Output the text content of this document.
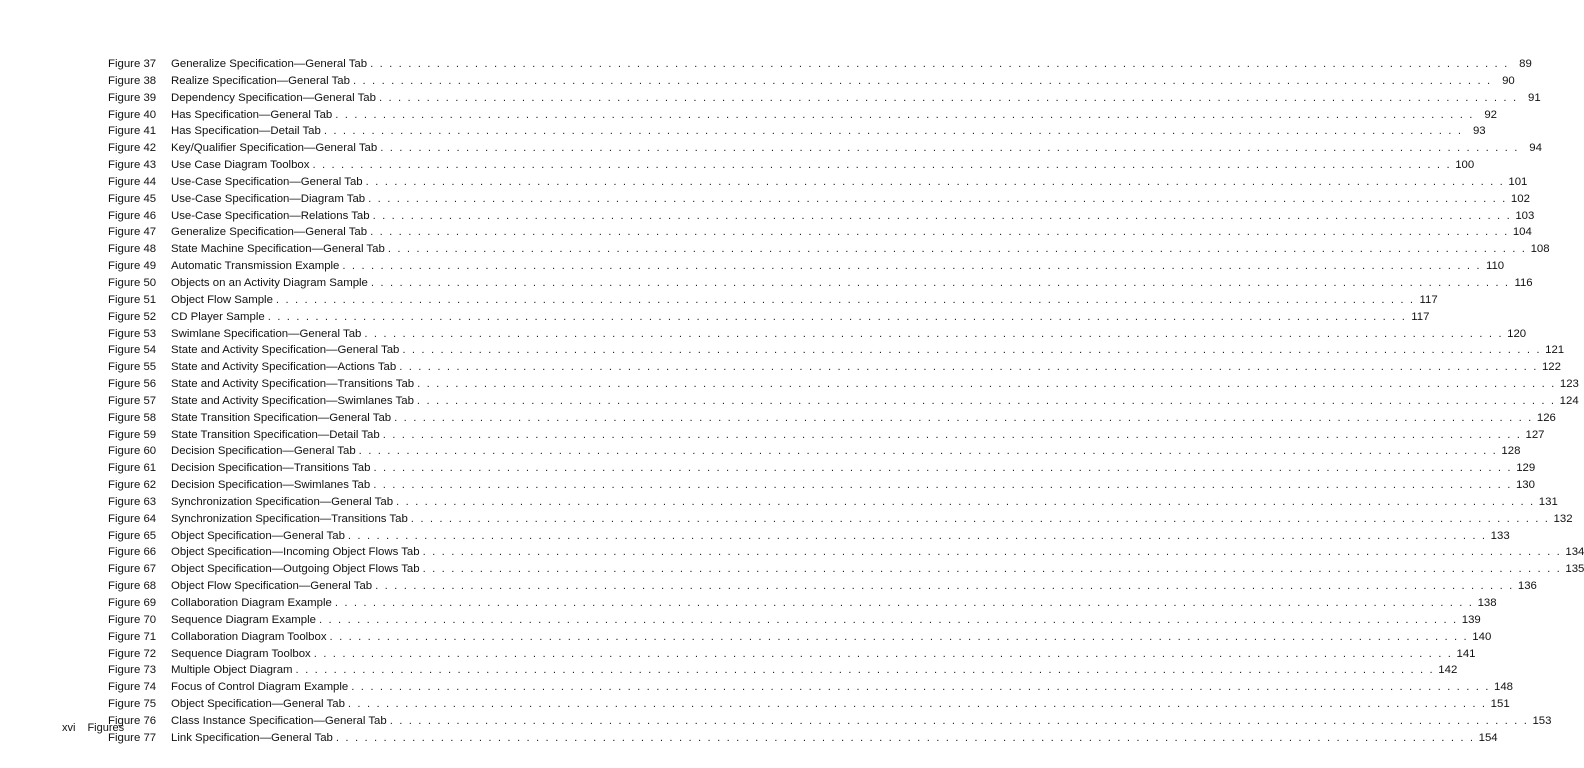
Figure 37	Generalize Specification—General Tab . . . . . . . . . . . . . . . . . . . . . . . . . . . . . . . . . . . . . . . . . . . . . . . . . . . . . . . . . . . . . . . . . . . . . . . . . . . . . . . . . . . . . . . . . . . . . . . . . . . . . . . . . . . . . . . . . . . . . . . . 89
Figure 38	Realize Specification—General Tab . . . . . . . . . . . . . . . . . . . . . . . . . . . . . . . . . . . . . . . . . . . . . . . . . . . . . . . . . . . . . . . . . . . . . . . . . . . . . . . . . . . . . . . . . . . . . . . . . . . . . . . . . . . . . . . . . . . . . . . . 90
Figure 39	Dependency Specification—General Tab . . . . . . . . . . . . . . . . . . . . . . . . . . . . . . . . . . . . . . . . . . . . . . . . . . . . . . . . . . . . . . . . . . . . . . . . . . . . . . . . . . . . . . . . . . . . . . . . . . . . . . . . . . . . . . . . . . . . . . . . 91
Figure 40	Has Specification—General Tab . . . . . . . . . . . . . . . . . . . . . . . . . . . . . . . . . . . . . . . . . . . . . . . . . . . . . . . . . . . . . . . . . . . . . . . . . . . . . . . . . . . . . . . . . . . . . . . . . . . . . . . . . . . . . . . . . . . . . . . . 92
Figure 41	Has Specification—Detail Tab . . . . . . . . . . . . . . . . . . . . . . . . . . . . . . . . . . . . . . . . . . . . . . . . . . . . . . . . . . . . . . . . . . . . . . . . . . . . . . . . . . . . . . . . . . . . . . . . . . . . . . . . . . . . . . . . . . . . . . . . 93
Figure 42	Key/Qualifier Specification—General Tab . . . . . . . . . . . . . . . . . . . . . . . . . . . . . . . . . . . . . . . . . . . . . . . . . . . . . . . . . . . . . . . . . . . . . . . . . . . . . . . . . . . . . . . . . . . . . . . . . . . . . . . . . . . . . . . . . . . . . . . . 94
Figure 43	Use Case Diagram Toolbox . . . . . . . . . . . . . . . . . . . . . . . . . . . . . . . . . . . . . . . . . . . . . . . . . . . . . . . . . . . . . . . . . . . . . . . . . . . . . . . . . . . . . . . . . . . . . . . . . . . . . . . . . . . . . . . . . . . . . . . . 100
Figure 44	Use-Case Specification—General Tab . . . . . . . . . . . . . . . . . . . . . . . . . . . . . . . . . . . . . . . . . . . . . . . . . . . . . . . . . . . . . . . . . . . . . . . . . . . . . . . . . . . . . . . . . . . . . . . . . . . . . . . . . . . . . . . . . . . . . . . . 101
Figure 45	Use-Case Specification—Diagram Tab . . . . . . . . . . . . . . . . . . . . . . . . . . . . . . . . . . . . . . . . . . . . . . . . . . . . . . . . . . . . . . . . . . . . . . . . . . . . . . . . . . . . . . . . . . . . . . . . . . . . . . . . . . . . . . . . . . . . . . . . 102
Figure 46	Use-Case Specification—Relations Tab . . . . . . . . . . . . . . . . . . . . . . . . . . . . . . . . . . . . . . . . . . . . . . . . . . . . . . . . . . . . . . . . . . . . . . . . . . . . . . . . . . . . . . . . . . . . . . . . . . . . . . . . . . . . . . . . . . . . . . . . 103
Figure 47	Generalize Specification—General Tab . . . . . . . . . . . . . . . . . . . . . . . . . . . . . . . . . . . . . . . . . . . . . . . . . . . . . . . . . . . . . . . . . . . . . . . . . . . . . . . . . . . . . . . . . . . . . . . . . . . . . . . . . . . . . . . . . . . . . . . . 104
Figure 48	State Machine Specification—General Tab . . . . . . . . . . . . . . . . . . . . . . . . . . . . . . . . . . . . . . . . . . . . . . . . . . . . . . . . . . . . . . . . . . . . . . . . . . . . . . . . . . . . . . . . . . . . . . . . . . . . . . . . . . . . . . . . . . . . . . . . 108
Figure 49	Automatic Transmission Example . . . . . . . . . . . . . . . . . . . . . . . . . . . . . . . . . . . . . . . . . . . . . . . . . . . . . . . . . . . . . . . . . . . . . . . . . . . . . . . . . . . . . . . . . . . . . . . . . . . . . . . . . . . . . . . . . . . . . . . . 110
Figure 50	Objects on an Activity Diagram Sample . . . . . . . . . . . . . . . . . . . . . . . . . . . . . . . . . . . . . . . . . . . . . . . . . . . . . . . . . . . . . . . . . . . . . . . . . . . . . . . . . . . . . . . . . . . . . . . . . . . . . . . . . . . . . . . . . . . . . . . . 116
Figure 51	Object Flow Sample . . . . . . . . . . . . . . . . . . . . . . . . . . . . . . . . . . . . . . . . . . . . . . . . . . . . . . . . . . . . . . . . . . . . . . . . . . . . . . . . . . . . . . . . . . . . . . . . . . . . . . . . . . . . . . . . . . . . . . . . 117
Figure 52	CD Player Sample . . . . . . . . . . . . . . . . . . . . . . . . . . . . . . . . . . . . . . . . . . . . . . . . . . . . . . . . . . . . . . . . . . . . . . . . . . . . . . . . . . . . . . . . . . . . . . . . . . . . . . . . . . . . . . . . . . . . . . . . 117
Figure 53	Swimlane Specification—General Tab . . . . . . . . . . . . . . . . . . . . . . . . . . . . . . . . . . . . . . . . . . . . . . . . . . . . . . . . . . . . . . . . . . . . . . . . . . . . . . . . . . . . . . . . . . . . . . . . . . . . . . . . . . . . . . . . . . . . . . . . 120
Figure 54	State and Activity Specification—General Tab . . . . . . . . . . . . . . . . . . . . . . . . . . . . . . . . . . . . . . . . . . . . . . . . . . . . . . . . . . . . . . . . . . . . . . . . . . . . . . . . . . . . . . . . . . . . . . . . . . . . . . . . . . . . . . . . . . . . . . . . 121
Figure 55	State and Activity Specification—Actions Tab . . . . . . . . . . . . . . . . . . . . . . . . . . . . . . . . . . . . . . . . . . . . . . . . . . . . . . . . . . . . . . . . . . . . . . . . . . . . . . . . . . . . . . . . . . . . . . . . . . . . . . . . . . . . . . . . . . . . . . . . 122
Figure 56	State and Activity Specification—Transitions Tab . . . . . . . . . . . . . . . . . . . . . . . . . . . . . . . . . . . . . . . . . . . . . . . . . . . . . . . . . . . . . . . . . . . . . . . . . . . . . . . . . . . . . . . . . . . . . . . . . . . . . . . . . . . . . . . . . . . . . . . . 123
Figure 57	State and Activity Specification—Swimlanes Tab . . . . . . . . . . . . . . . . . . . . . . . . . . . . . . . . . . . . . . . . . . . . . . . . . . . . . . . . . . . . . . . . . . . . . . . . . . . . . . . . . . . . . . . . . . . . . . . . . . . . . . . . . . . . . . . . . . . . . . . . 124
Figure 58	State Transition Specification—General Tab . . . . . . . . . . . . . . . . . . . . . . . . . . . . . . . . . . . . . . . . . . . . . . . . . . . . . . . . . . . . . . . . . . . . . . . . . . . . . . . . . . . . . . . . . . . . . . . . . . . . . . . . . . . . . . . . . . . . . . . . 126
Figure 59	State Transition Specification—Detail Tab . . . . . . . . . . . . . . . . . . . . . . . . . . . . . . . . . . . . . . . . . . . . . . . . . . . . . . . . . . . . . . . . . . . . . . . . . . . . . . . . . . . . . . . . . . . . . . . . . . . . . . . . . . . . . . . . . . . . . . . . 127
Figure 60	Decision Specification—General Tab . . . . . . . . . . . . . . . . . . . . . . . . . . . . . . . . . . . . . . . . . . . . . . . . . . . . . . . . . . . . . . . . . . . . . . . . . . . . . . . . . . . . . . . . . . . . . . . . . . . . . . . . . . . . . . . . . . . . . . . . 128
Figure 61	Decision Specification—Transitions Tab . . . . . . . . . . . . . . . . . . . . . . . . . . . . . . . . . . . . . . . . . . . . . . . . . . . . . . . . . . . . . . . . . . . . . . . . . . . . . . . . . . . . . . . . . . . . . . . . . . . . . . . . . . . . . . . . . . . . . . . . 129
Figure 62	Decision Specification—Swimlanes Tab . . . . . . . . . . . . . . . . . . . . . . . . . . . . . . . . . . . . . . . . . . . . . . . . . . . . . . . . . . . . . . . . . . . . . . . . . . . . . . . . . . . . . . . . . . . . . . . . . . . . . . . . . . . . . . . . . . . . . . . . 130
Figure 63	Synchronization Specification—General Tab . . . . . . . . . . . . . . . . . . . . . . . . . . . . . . . . . . . . . . . . . . . . . . . . . . . . . . . . . . . . . . . . . . . . . . . . . . . . . . . . . . . . . . . . . . . . . . . . . . . . . . . . . . . . . . . . . . . . . . . . 131
Figure 64	Synchronization Specification—Transitions Tab . . . . . . . . . . . . . . . . . . . . . . . . . . . . . . . . . . . . . . . . . . . . . . . . . . . . . . . . . . . . . . . . . . . . . . . . . . . . . . . . . . . . . . . . . . . . . . . . . . . . . . . . . . . . . . . . . . . . . . . . 132
Figure 65	Object Specification—General Tab . . . . . . . . . . . . . . . . . . . . . . . . . . . . . . . . . . . . . . . . . . . . . . . . . . . . . . . . . . . . . . . . . . . . . . . . . . . . . . . . . . . . . . . . . . . . . . . . . . . . . . . . . . . . . . . . . . . . . . . . 133
Figure 66	Object Specification—Incoming Object Flows Tab . . . . . . . . . . . . . . . . . . . . . . . . . . . . . . . . . . . . . . . . . . . . . . . . . . . . . . . . . . . . . . . . . . . . . . . . . . . . . . . . . . . . . . . . . . . . . . . . . . . . . . . . . . . . . . . . . . . . . . . . 134
Figure 67	Object Specification—Outgoing Object Flows Tab . . . . . . . . . . . . . . . . . . . . . . . . . . . . . . . . . . . . . . . . . . . . . . . . . . . . . . . . . . . . . . . . . . . . . . . . . . . . . . . . . . . . . . . . . . . . . . . . . . . . . . . . . . . . . . . . . . . . . . . . 135
Figure 68	Object Flow Specification—General Tab . . . . . . . . . . . . . . . . . . . . . . . . . . . . . . . . . . . . . . . . . . . . . . . . . . . . . . . . . . . . . . . . . . . . . . . . . . . . . . . . . . . . . . . . . . . . . . . . . . . . . . . . . . . . . . . . . . . . . . . . 136
Figure 69	Collaboration Diagram Example . . . . . . . . . . . . . . . . . . . . . . . . . . . . . . . . . . . . . . . . . . . . . . . . . . . . . . . . . . . . . . . . . . . . . . . . . . . . . . . . . . . . . . . . . . . . . . . . . . . . . . . . . . . . . . . . . . . . . . . . 138
Figure 70	Sequence Diagram Example . . . . . . . . . . . . . . . . . . . . . . . . . . . . . . . . . . . . . . . . . . . . . . . . . . . . . . . . . . . . . . . . . . . . . . . . . . . . . . . . . . . . . . . . . . . . . . . . . . . . . . . . . . . . . . . . . . . . . . . . 139
Figure 71	Collaboration Diagram Toolbox . . . . . . . . . . . . . . . . . . . . . . . . . . . . . . . . . . . . . . . . . . . . . . . . . . . . . . . . . . . . . . . . . . . . . . . . . . . . . . . . . . . . . . . . . . . . . . . . . . . . . . . . . . . . . . . . . . . . . . . . 140
Figure 72	Sequence Diagram Toolbox . . . . . . . . . . . . . . . . . . . . . . . . . . . . . . . . . . . . . . . . . . . . . . . . . . . . . . . . . . . . . . . . . . . . . . . . . . . . . . . . . . . . . . . . . . . . . . . . . . . . . . . . . . . . . . . . . . . . . . . . 141
Figure 73	Multiple Object Diagram . . . . . . . . . . . . . . . . . . . . . . . . . . . . . . . . . . . . . . . . . . . . . . . . . . . . . . . . . . . . . . . . . . . . . . . . . . . . . . . . . . . . . . . . . . . . . . . . . . . . . . . . . . . . . . . . . . . . . . . . 142
Figure 74	Focus of Control Diagram Example . . . . . . . . . . . . . . . . . . . . . . . . . . . . . . . . . . . . . . . . . . . . . . . . . . . . . . . . . . . . . . . . . . . . . . . . . . . . . . . . . . . . . . . . . . . . . . . . . . . . . . . . . . . . . . . . . . . . . . . . 148
Figure 75	Object Specification—General Tab . . . . . . . . . . . . . . . . . . . . . . . . . . . . . . . . . . . . . . . . . . . . . . . . . . . . . . . . . . . . . . . . . . . . . . . . . . . . . . . . . . . . . . . . . . . . . . . . . . . . . . . . . . . . . . . . . . . . . . . . 151
Figure 76	Class Instance Specification—General Tab . . . . . . . . . . . . . . . . . . . . . . . . . . . . . . . . . . . . . . . . . . . . . . . . . . . . . . . . . . . . . . . . . . . . . . . . . . . . . . . . . . . . . . . . . . . . . . . . . . . . . . . . . . . . . . . . . . . . . . . . 153
Figure 77	Link Specification—General Tab . . . . . . . . . . . . . . . . . . . . . . . . . . . . . . . . . . . . . . . . . . . . . . . . . . . . . . . . . . . . . . . . . . . . . . . . . . . . . . . . . . . . . . . . . . . . . . . . . . . . . . . . . . . . . . . . . . . . . . . . 154
xvi Figures
